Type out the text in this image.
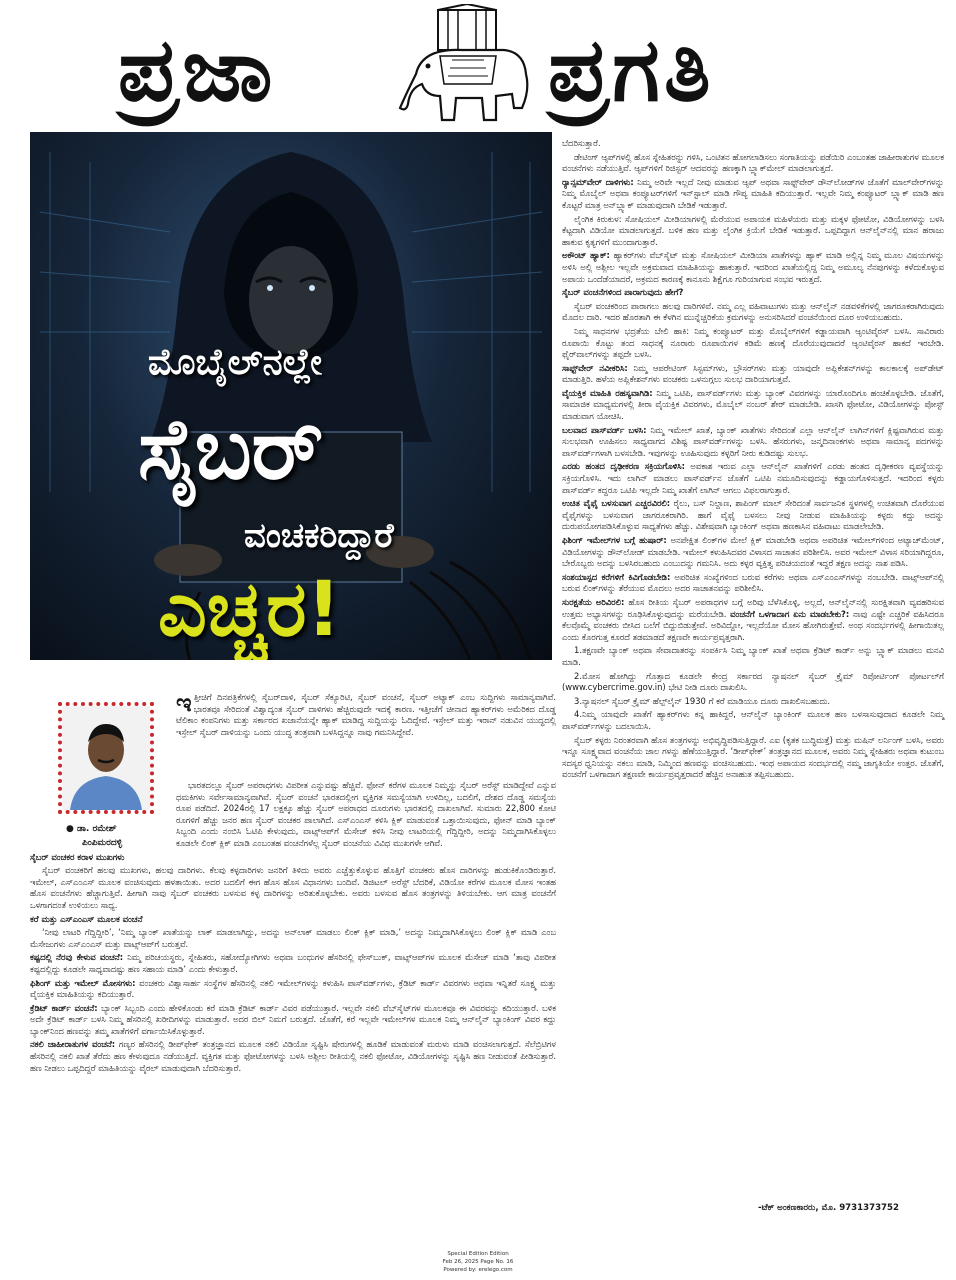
ಪ್ರಜಾ	ಪ್ರಗತಿ
ಮೊಬೈಲ್‌ನಲ್ಲೇ
ಸೈಬರ್
ವಂಚಕರಿದ್ದಾರೆ
ಎಚ್ಚರ!
● ಡಾ. ರಮೇಶ್
ಪಿಂಪಿಮರದಳ್ಳಿ

ಇತ್ತೀಚಿಗೆ ದಿನಪತ್ರಿಕೆಗಳಲ್ಲಿ ಸೈಬರ್‌ದಾಳಿ, ಸೈಬರ್ ಸೆಕ್ಯೂರಿಟಿ, ಸೈಬರ್ ವಂಚನೆ, ಸೈಬರ್ ಅಟ್ಯಾಕ್ ಎಂಬ ಸುದ್ದಿಗಳು ಸಾಮಾನ್ಯವಾಗಿವೆ. ಭಾರತವೂ ಸೇರಿದಂತೆ ವಿಶ್ವಾದ್ಯಂತ ಸೈಬರ್ ದಾಳಿಗಳು ಹೆಚ್ಚಿರುವುದೇ ಇದಕ್ಕೆ ಕಾರಣ. ಇತ್ತೀಚೆಗೆ ಚೀನಾದ ಹ್ಯಾಕರ್‌ಗಳು ಅಮೆರಿಕದ ದೊಡ್ಡ ಟೆಲಿಕಾಂ ಕಂಪನಿಗಳು ಮತ್ತು ಸರ್ಕಾರದ ಖಜಾನೆಯನ್ನೇ ಹ್ಯಾಕ್ ಮಾಡಿದ್ದ ಸುದ್ದಿಯನ್ನು ಓದಿದ್ದೇವೆ. ಇಸ್ರೇಲ್ ಮತ್ತು ಇರಾನ್ ನಡುವಿನ ಯುದ್ಧದಲ್ಲಿ ಇಸ್ರೇಲ್ ಸೈಬರ್ ದಾಳಿಯನ್ನು ಒಂದು ಯುದ್ಧ ತಂತ್ರವಾಗಿ ಬಳಸಿದ್ದನ್ನೂ ನಾವು ಗಮನಿಸಿದ್ದೇವೆ.

ಭಾರತದಲ್ಲೂ ಸೈಬರ್ ಅಪರಾಧಗಳು ವಿಪರೀತ ಎನ್ನುವಷ್ಟು ಹೆಚ್ಚಿವೆ. ಫೋನ್ ಕರೆಗಳ ಮೂಲಕ ನಿಮ್ಮನ್ನು ಸೈಬರ್ ಅರೆಸ್ಟ್ ಮಾಡಿದ್ದೇವೆ ಎನ್ನುವ ಧಮಕಿಗಳು ಸರ್ವೇಸಾಮಾನ್ಯವಾಗಿವೆ. ಸೈಬರ್ ವಂಚನೆ ಭಾರತದಲ್ಲೀಗ ವ್ಯಕ್ತಿಗತ ಸಮಸ್ಯೆಯಾಗಿ ಉಳಿದಿಲ್ಲ, ಬದಲಿಗೆ, ದೇಶದ ದೊಡ್ಡ ಸಮಸ್ಯೆಯ ರೂಪ ಪಡೆದಿದೆ. 2024ರಲ್ಲಿ 17 ಲಕ್ಷಕ್ಕೂ ಹೆಚ್ಚು ಸೈಬರ್ ಅಪರಾಧದ ದೂರುಗಳು ಭಾರತದಲ್ಲಿ ದಾಖಲಾಗಿವೆ. ಸುಮಾರು 22,800 ಕೋಟಿ ರೂಗಳಿಗೆ ಹೆಚ್ಚು ಜನರ ಹಣ ಸೈಬರ್ ವಂಚಕರ ಪಾಲಾಗಿದೆ. ಎಸ್‌ಎಂಎಸ್ ಕಳಿಸಿ ಕ್ಲಿಕ್ ಮಾಡುವಂತೆ ಒತ್ತಾಯಿಸುವುದು, ಫೋನ್ ಮಾಡಿ ಬ್ಯಾಂಕ್ ಸಿಬ್ಬಂದಿ ಎಂದು ನಂಬಿಸಿ ಓಟಿಪಿ ಕೇಳುವುದು, ವಾಟ್ಸ್ಆಪ್‌ಗೆ ಮೆಸೇಜ್ ಕಳಿಸಿ ನೀವು ಲಾಟರಿಯಲ್ಲಿ ಗೆದ್ದಿದ್ದೀರಿ, ಅದನ್ನು ನಿಮ್ಮದಾಗಿಸಿಕೊಳ್ಳಲು ಕೂಡಲೇ ಲಿಂಕ್ ಕ್ಲಿಕ್ ಮಾಡಿ ಎಂಬಂತಹ ವಂಚನೆಗಳೆಲ್ಲ ಸೈಬರ್ ವಂಚನೆಯ ವಿವಿಧ ಮುಖಗಳೇ ಆಗಿವೆ.

ಸೈಬರ್ ವಂಚಕರ ಕರಾಳ ಮುಖಗಳು

ಸೈಬರ್ ವಂಚಕರಿಗೆ ಹಲವು ಮುಖಗಳು, ಹಲವು ದಾರಿಗಳು. ಕೆಲವು ಕಳ್ಳದಾರಿಗಳು ಜನರಿಗೆ ತಿಳಿದು ಅವರು ಎಚ್ಚೆತ್ತುಕೊಳ್ಳುವ ಹೊತ್ತಿಗೆ ವಂಚಕರು ಹೊಸ ದಾರಿಗಳನ್ನು ಹುಡುಕಿಕೊಂಡಿರುತ್ತಾರೆ. ಇಮೇಲ್, ಎಸ್‌ಎಂಎಸ್ ಮೂಲಕ ವಂಚಿಸುವುದು ಹಳತಾಯಿತು. ಅದರ ಬದಲಿಗೆ ಈಗ ಹೊಸ ಹೊಸ ವಿಧಾನಗಳು ಬಂದಿವೆ. ಡಿಜಿಟಲ್ ಅರೆಸ್ಟ್ ಬೆದರಿಕೆ, ವಿಡಿಯೋ ಕರೆಗಳ ಮೂಲಕ ಮೋಸ ಇಂತಹ ಹೊಸ ವಂಚನೆಗಳು ಹೆಚ್ಚಾಗುತ್ತಿವೆ. ಹೀಗಾಗಿ ನಾವು ಸೈಬರ್ ವಂಚಕರು ಬಳಸುವ ಕಳ್ಳ ದಾರಿಗಳನ್ನು ಅರಿತುಕೊಳ್ಳಬೇಕು. ಅವರು ಬಳಸುವ ಹೊಸ ತಂತ್ರಗಳನ್ನು ತಿಳಿಯಬೇಕು. ಆಗ ಮಾತ್ರ ವಂಚನೆಗೆ ಒಳಗಾಗದಂತೆ ಉಳಿಯಲು ಸಾಧ್ಯ.

ಕರೆ ಮತ್ತು ಎಸ್‌ಎಂಎಸ್ ಮೂಲಕ ವಂಚನೆ

‘ನೀವು ಲಾಟರಿ ಗೆದ್ದಿದ್ದೀರಿ’, ‘ನಿಮ್ಮ ಬ್ಯಾಂಕ್ ಖಾತೆಯನ್ನು ಲಾಕ್ ಮಾಡಲಾಗಿದ್ದು, ಅದನ್ನು ಅನ್‌ಲಾಕ್ ಮಾಡಲು ಲಿಂಕ್ ಕ್ಲಿಕ್ ಮಾಡಿ,’ ಅದನ್ನು ನಿಮ್ಮದಾಗಿಸಿಕೊಳ್ಳಲು ಲಿಂಕ್ ಕ್ಲಿಕ್ ಮಾಡಿ ಎಂಬ ಮೆಸೇಜುಗಳು ಎಸ್‌ಎಂಎಸ್ ಮತ್ತು ವಾಟ್ಸ್ಆಪ್‌ಗೆ ಬರುತ್ತವೆ.

ಕಷ್ಟದಲ್ಲಿ ನೆರವು ಕೇಳುವ ವಂಚನೆ: ನಿಮ್ಮ ಪರಿಚಯಸ್ಥರು, ಸ್ನೇಹಿತರು, ಸಹೋದ್ಯೋಗಿಗಳು ಅಥವಾ ಬಂಧುಗಳ ಹೆಸರಿನಲ್ಲಿ ಫೇಸ್‌ಬುಕ್, ವಾಟ್ಸ್ಆಪ್‌ಗಳ ಮೂಲಕ ಮೆಸೇಜ್ ಮಾಡಿ ‘ತಾವು ವಿಪರೀತ ಕಷ್ಟದಲ್ಲಿದ್ದು ಕೂಡಲೇ ಸಾಧ್ಯವಾದಷ್ಟು ಹಣ ಸಹಾಯ ಮಾಡಿ’ ಎಂದು ಕೇಳುತ್ತಾರೆ.

ಫಿಶಿಂಗ್ ಮತ್ತು ಇಮೇಲ್ ಮೋಸಗಳು: ವಂಚಕರು ವಿಶ್ವಾಸಾರ್ಹ ಸಂಸ್ಥೆಗಳ ಹೆಸರಿನಲ್ಲಿ ನಕಲಿ ಇಮೇಲ್‌ಗಳನ್ನು ಕಳುಹಿಸಿ ಪಾಸ್‌ವರ್ಡ್‌ಗಳು, ಕ್ರೆಡಿಟ್ ಕಾರ್ಡ್ ವಿವರಗಳು ಅಥವಾ ಇನ್ನಿತರೆ ಸೂಕ್ಷ್ಮ ಮತ್ತು ವೈಯಕ್ತಿಕ ಮಾಹಿತಿಯನ್ನು ಕದಿಯುತ್ತಾರೆ.

ಕ್ರೆಡಿಟ್ ಕಾರ್ಡ್ ವಂಚನೆ: ಬ್ಯಾಂಕ್ ಸಿಬ್ಬಂದಿ ಎಂದು ಹೇಳಿಕೊಂಡು ಕರೆ ಮಾಡಿ ಕ್ರೆಡಿಟ್ ಕಾರ್ಡ್ ವಿವರ ಪಡೆಯುತ್ತಾರೆ. ಇಲ್ಲವೇ ನಕಲಿ ವೆಬ್‌ಸೈಟ್‌ಗಳ ಮೂಲಕವೂ ಈ ವಿವರವನ್ನು ಕದಿಯುತ್ತಾರೆ. ಬಳಿಕ ಅದೇ ಕ್ರೆಡಿಟ್ ಕಾರ್ಡ್ ಬಳಸಿ ನಿಮ್ಮ ಹೆಸರಿನಲ್ಲಿ ಖರೀದಿಗಳನ್ನು ಮಾಡುತ್ತಾರೆ. ಅದರ ಬಿಲ್ ನಿಮಗೆ ಬರುತ್ತದೆ. ಜೊತೆಗೆ, ಕರೆ ಇಲ್ಲವೇ ಇಮೇಲ್‌ಗಳ ಮೂಲಕ ನಿಮ್ಮ ಆನ್‌ಲೈನ್ ಬ್ಯಾಂಕಿಂಗ್ ವಿವರ ಕದ್ದು ಬ್ಯಾಂಕ್‌ನಿಂದ ಹಣವನ್ನು ತಮ್ಮ ಖಾತೆಗಳಿಗೆ ವರ್ಗಾಯಿಸಿಕೊಳ್ಳುತ್ತಾರೆ.

ನಕಲಿ ಜಾಹೀರಾತುಗಳ ವಂಚನೆ: ಗಣ್ಯರ ಹೆಸರಿನಲ್ಲಿ ಡೀಪ್‌ಫೇಕ್ ತಂತ್ರಜ್ಞಾನದ ಮೂಲಕ ನಕಲಿ ವಿಡಿಯೋ ಸೃಷ್ಟಿಸಿ ಷೇರುಗಳಲ್ಲಿ ಹೂಡಿಕೆ ಮಾಡುವಂತೆ ಮರುಳು ಮಾಡಿ ವಂಚಿಸಲಾಗುತ್ತದೆ. ಸೆಲೆಬ್ರಿಟಿಗಳ ಹೆಸರಿನಲ್ಲಿ ನಕಲಿ ಖಾತೆ ತೆರೆದು ಹಣ ಕೇಳುವುದೂ ನಡೆಯುತ್ತಿದೆ. ವ್ಯಕ್ತಿಗತ ಮತ್ತು ಫೋಟೋಗಳನ್ನು ಬಳಸಿ ಅಶ್ಲೀಲ ರೀತಿಯಲ್ಲಿ ನಕಲಿ ಫೋಟೋ, ವಿಡಿಯೋಗಳನ್ನು ಸೃಷ್ಟಿಸಿ ಹಣ ನೀಡುವಂತೆ ಪೀಡಿಸುತ್ತಾರೆ. ಹಣ ನೀಡಲು ಒಪ್ಪದಿದ್ದರೆ ಮಾಹಿತಿಯನ್ನು ವೈರಲ್ ಮಾಡುವುದಾಗಿ ಬೆದರಿಸುತ್ತಾರೆ.

ಬೆದರಿಸುತ್ತಾರೆ.

ಡೇಟಿಂಗ್ ಆ್ಯಪ್‌ಗಳಲ್ಲಿ ಹೊಸ ಸ್ನೇಹಿತರನ್ನು ಗಳಿಸಿ, ಒಂಟಿತನ ಹೋಗಲಾಡಿಸಲು ಸಂಗಾತಿಯನ್ನು ಪಡೆಯಿರಿ ಎಂಬಂತಹ ಜಾಹೀರಾತುಗಳ ಮೂಲಕ ವಂಚನೆಗಳು ನಡೆಯುತ್ತಿವೆ. ಆ್ಯಪ್‌ಗಳಿಗೆ ರಿಜಿಸ್ಟರ್ ಆದವರನ್ನು ಹಣಕ್ಕಾಗಿ ಬ್ಲ್ಯಾಕ್‌ಮೇಲ್ ಮಾಡಲಾಗುತ್ತದೆ.

ರ್‍ಯಾನ್ಸಮ್‌ವೇರ್ ದಾಳಿಗಳು: ನಿಮ್ಮ ಅರಿವೇ ಇಲ್ಲದೆ ನೀವು ಮಾಡುವ ಆ್ಯಪ್ ಅಥವಾ ಸಾಫ್ಟ್‌ವೇರ್ ಡೌನ್‌ಲೋಡ್‌ಗಳ ಜೊತೆಗೆ ಮಾಲ್‌ವೇರ್‌ಗಳನ್ನು ನಿಮ್ಮ ಮೊಬೈಲ್ ಅಥವಾ ಕಂಪ್ಯೂಟರ್‌ಗಳಿಗೆ ಇನ್‌ಸ್ಟಾಲ್ ಮಾಡಿ ಗೌಪ್ಯ ಮಾಹಿತಿ ಕದಿಯುತ್ತಾರೆ. ಇಲ್ಲವೇ ನಿಮ್ಮ ಕಂಪ್ಯೂಟರ್ ಬ್ಲ್ಯಾಕ್ ಮಾಡಿ ಹಣ ಕೊಟ್ಟರೆ ಮಾತ್ರ ಅನ್‌ಬ್ಲ್ಯಾಕ್ ಮಾಡುವುದಾಗಿ ಬೇಡಿಕೆ ಇಡುತ್ತಾರೆ.

ಲೈಂಗಿಕ ಕಿರುಕುಳ: ಸೋಷಿಯಲ್ ಮೀಡಿಯಾಗಳಲ್ಲಿ ಮೆರೆಯುವ ಅಪಾಯಕ ಮಹಿಳೆಯರು ಮತ್ತು ಮಕ್ಕಳ ಫೋಟೋ, ವಿಡಿಯೋಗಳನ್ನು ಬಳಸಿ ಕೆಟ್ಟದಾಗಿ ವಿಡಿಯೋ ಮಾಡಲಾಗುತ್ತದೆ. ಬಳಿಕ ಹಣ ಮತ್ತು ಲೈಂಗಿಕ ಕ್ರಿಯೆಗೆ ಬೇಡಿಕೆ ಇಡುತ್ತಾರೆ. ಒಪ್ಪದಿದ್ದಾಗ ಆನ್‌ಲೈನ್‌ನಲ್ಲಿ ಮಾನ ಹರಾಜು ಹಾಕುವ ಕೃತ್ಯಗಳಿಗೆ ಮುಂದಾಗುತ್ತಾರೆ.

ಅಕೌಂಟ್ ಹ್ಯಾಕ್: ಹ್ಯಾಕರ್‌ಗಳು ವೆಬ್‌ಸೈಟ್ ಮತ್ತು ಸೋಷಿಯಲ್ ಮೀಡಿಯಾ ಖಾತೆಗಳನ್ನು ಹ್ಯಾಕ್ ಮಾಡಿ ಅಲ್ಲಿನ್ನ ನಿಮ್ಮ ಮೂಲ ವಿಷಯಗಳನ್ನು ಅಳಿಸಿ ಅಲ್ಲಿ ಅಶ್ಲೀಲ ಇಲ್ಲವೇ ಅಕ್ರಮವಾದ ಮಾಹಿತಿಯನ್ನು ಹಾಕುತ್ತಾರೆ. ಇದರಿಂದ ಖಾತೆಯಲ್ಲಿದ್ದ ನಿಮ್ಮ ಅಮೂಲ್ಯ ನೆನಪುಗಳನ್ನು ಕಳೆದುಕೊಳ್ಳುವ ಅಪಾಯ ಒಂದೆಡೆಯಾದರೆ, ಅಕ್ರಮದ ಕಾರಣಕ್ಕೆ ಕಾನೂನು ಶಿಕ್ಷೆಗೂ ಗುರಿಯಾಗುವ ಸಂಭವ ಇರುತ್ತದೆ.

ಸೈಬರ್ ವಂಚನೆಗಳಿಂದ ಪಾರಾಗುವುದು ಹೇಗೆ?

ಸೈಬರ್ ವಂಚಕರಿಂದ ಪಾರಾಗಲು ಹಲವು ದಾರಿಗಳಿವೆ. ನಮ್ಮ ಎಲ್ಲ ವಹಿವಾಟುಗಳು ಮತ್ತು ಆನ್‌ಲೈನ್ ನಡವಳಿಕೆಗಳಲ್ಲಿ ಜಾಗರೂಕರಾಗಿರುವುದು ಮೊದಲ ದಾರಿ. ಇದರ ಹೊರತಾಗಿ ಈ ಕೆಳಗಿನ ಮುನ್ನೆಚ್ಚರಿಕೆಯ ಕ್ರಮಗಳನ್ನು ಅನುಸರಿಸಿದರೆ ವಂಚನೆಯಿಂದ ದೂರ ಉಳಿಯಬಹುದು.

ನಿಮ್ಮ ಸಾಧನಗಳ ಭದ್ರತೆಯ ಬೇಲಿ ಹಾಕಿ: ನಿಮ್ಮ ಕಂಪ್ಯೂಟರ್ ಮತ್ತು ಮೊಬೈಲ್‌ಗಳಿಗೆ ಕಡ್ಡಾಯವಾಗಿ ಆ್ಯಂಟಿವೈರಸ್ ಬಳಸಿ. ಸಾವಿರಾರು ರೂಪಾಯಿ ಕೊಟ್ಟು ತಂದ ಸಾಧನಕ್ಕೆ ನೂರಾರು ರೂಪಾಯಿಗಳ ಕಡಿಮೆ ಹಣಕ್ಕೆ ದೊರೆಯುವುದಾದರೆ ಆ್ಯಂಟಿವೈರಸ್ ಹಾಕದೆ ಇರಬೇಡಿ. ಫೈರ್‌ವಾಲ್‌ಗಳನ್ನು ತಪ್ಪದೇ ಬಳಸಿ.

ಸಾಫ್ಟ್‌ವೇರ್ ನವೀಕರಿಸಿ: ನಿಮ್ಮ ಆಪರೇಟಿಂಗ್ ಸಿಸ್ಟಮ್‌ಗಳು, ಬ್ರೌಸರ್‌ಗಳು ಮತ್ತು ಯಾವುದೇ ಅಪ್ಲಿಕೇಶನ್‌ಗಳನ್ನು ಕಾಲಕಾಲಕ್ಕೆ ಅಪ್‌ಡೇಟ್ ಮಾಡುತ್ತಿರಿ. ಹಳೆಯ ಅಪ್ಲಿಕೇಶನ್‌ಗಳು ವಂಚಕರು ಒಳನುಗ್ಗಲು ಸುಲಭ ದಾರಿಯಾಗುತ್ತವೆ.

ವೈಯಕ್ತಿಕ ಮಾಹಿತಿ ರಹಸ್ಯವಾಗಿಡಿ: ನಿಮ್ಮ ಒಟಿಪಿ, ಪಾಸ್‌ವರ್ಡ್‌ಗಳು ಮತ್ತು ಬ್ಯಾಂಕ್ ವಿವರಗಳನ್ನು ಯಾರೊಂದಿಗೂ ಹಂಚಿಕೊಳ್ಳಬೇಡಿ. ಜೊತೆಗೆ, ಸಾಮಾಜಿಕ ಮಾಧ್ಯಮಗಳಲ್ಲಿ ತೀರಾ ವೈಯಕ್ತಿಕ ವಿವರಗಳು, ಮೊಬೈಲ್ ನಂಬರ್ ಶೇರ್ ಮಾಡಬೇಡಿ. ಖಾಸಗಿ ಫೋಟೋ, ವಿಡಿಯೋಗಳನ್ನು ಪೋಸ್ಟ್ ಮಾಡುವಾಗ ಯೋಚಿಸಿ.

ಬಲವಾದ ಪಾಸ್‌ವರ್ಡ್ ಬಳಸಿ: ನಿಮ್ಮ ಇಮೇಲ್ ಖಾತೆ, ಬ್ಯಾಂಕ್ ಖಾತೆಗಳು ಸೇರಿದಂತೆ ಎಲ್ಲಾ ಆನ್‌ಲೈನ್ ಲಾಗಿನ್‌ಗಳಿಗೆ ಕ್ಲಿಷ್ಟವಾಗಿರುವ ಮತ್ತು ಸುಲಭವಾಗಿ ಊಹಿಸಲು ಸಾಧ್ಯವಾಗದ ವಿಶಿಷ್ಟ ಪಾಸ್‌ವರ್ಡ್‌ಗಳನ್ನು ಬಳಸಿ. ಹೆಸರುಗಳು, ಜನ್ಮದಿನಾಂಕಗಳು ಅಥವಾ ಸಾಮಾನ್ಯ ಪದಗಳನ್ನು ಪಾಸ್‌ವರ್ಡ್‌ಗಳಾಗಿ ಬಳಸಬೇಡಿ. ಇವುಗಳನ್ನು ಊಹಿಸುವುದು ಕಳ್ಳರಿಗೆ ನೀರು ಕುಡಿದಷ್ಟು ಸುಲಭ.

ಎರಡು ಹಂತದ ದೃಢೀಕರಣ ಸಕ್ರಿಯಗೊಳಿಸಿ: ಅವಕಾಶ ಇರುವ ಎಲ್ಲಾ ಆನ್‌ಲೈನ್ ಖಾತೆಗಳಿಗೆ ಎರಡು ಹಂತದ ದೃಢೀಕರಣ ವ್ಯವಸ್ಥೆಯನ್ನು ಸಕ್ರಿಯಗೊಳಿಸಿ. ಇದು ಲಾಗಿನ್ ಮಾಡಲು ಪಾಸ್‌ವರ್ಡ್‌ನ ಜೊತೆಗೆ ಒಟಿಪಿ ನಮೂದಿಸುವುದನ್ನು ಕಡ್ಡಾಯಗೊಳಿಸುತ್ತದೆ. ಇದರಿಂದ ಕಳ್ಳರು ಪಾಸ್‌ವರ್ಡ್ ಕದ್ದರೂ ಒಟಿಪಿ ಇಲ್ಲದೇ ನಿಮ್ಮ ಖಾತೆಗೆ ಲಾಗಿನ್ ಆಗಲು ವಿಫಲರಾಗುತ್ತಾರೆ.

ಉಚಿತ ವೈಫೈ ಬಳಸುವಾಗ ಎಚ್ಚರವಿರಲಿ: ರೈಲು, ಬಸ್ ನಿಲ್ದಾಣ, ಶಾಪಿಂಗ್ ಮಾಲ್ ಸೇರಿದಂತೆ ಸಾರ್ವಜನಿಕ ಸ್ಥಳಗಳಲ್ಲಿ ಉಚಿತವಾಗಿ ದೊರೆಯುವ ವೈಫೈಗಳನ್ನು ಬಳಸುವಾಗ ಜಾಗರೂಕರಾಗಿರಿ. ಹಾಗೆ ವೈಫೈ ಬಳಸಲು ನೀವು ನೀಡುವ ಮಾಹಿತಿಯನ್ನು ಕಳ್ಳರು ಕದ್ದು ಅದನ್ನು ದುರುಪಯೋಗಪಡಿಸಿಕೊಳ್ಳುವ ಸಾಧ್ಯತೆಗಳು ಹೆಚ್ಚು. ವಿಶೇಷವಾಗಿ ಬ್ಯಾಂಕಿಂಗ್ ಅಥವಾ ಹಣಕಾಸಿನ ವಹಿವಾಟು ಮಾಡಲೇಬೇಡಿ.

ಫಿಶಿಂಗ್ ಇಮೇಲ್‌ಗಳ ಬಗ್ಗೆ ಹುಷಾರ್: ಅನಪೇಕ್ಷಿತ ಲಿಂಕ್‌ಗಳ ಮೇಲೆ ಕ್ಲಿಕ್ ಮಾಡಬೇಡಿ ಅಥವಾ ಅಪರಿಚಿತ ಇಮೇಲ್‌ಗಳಿಂದ ಅಟ್ಯಾಚ್‌ಮೆಂಟ್, ವಿಡಿಯೋಗಳನ್ನು ಡೌನ್‌ಲೋಡ್ ಮಾಡಬೇಡಿ. ಇಮೇಲ್ ಕಳುಹಿಸಿದವರ ವಿಳಾಸದ ಸಾಚಾತನ ಪರಿಶೀಲಿಸಿ. ಅವರ ಇಮೇಲ್ ವಿಳಾಸ ಸರಿಯಾಗಿದ್ದರೂ, ಬೇರೊಬ್ಬರು ಅದನ್ನು ಬಳಸಿರಬಹುದು ಎಂಬುದನ್ನು ಗಮನಿಸಿ. ಅದು ಕಳ್ಳರ ವ್ಯಕ್ತಿತ್ವ ಪರಿಚಯದಂತೆ ಇದ್ದರೆ ತಕ್ಷಣ ಅದನ್ನು ನಾಶ ಪಡಿಸಿ.

ಸಂಶಯಾಸ್ಪದ ಕರೆಗಳಿಗೆ ಕಿವಿಗೊಡಬೇಡಿ: ಅಪರಿಚಿತ ಸಂಖ್ಯೆಗಳಿಂದ ಬರುವ ಕರೆಗಳು ಅಥವಾ ಎಸ್‌ಎಂಎಸ್‌ಗಳನ್ನು ನಂಬಬೇಡಿ. ವಾಟ್ಸ್ಆಪ್‌ನಲ್ಲಿ ಬರುವ ಲಿಂಕ್‌ಗಳನ್ನು ತೆರೆಯುವ ಮೊದಲು ಅದರ ಸಾಚಾತನವನ್ನು ಪರಿಶೀಲಿಸಿ.

ಸುರಕ್ಷತೆಯ ಅರಿವಿರಲಿ: ಹೊಸ ರೀತಿಯ ಸೈಬರ್ ಅಪರಾಧಗಳ ಬಗ್ಗೆ ಅರಿವು ಬೆಳೆಸಿಕೊಳ್ಳಿ, ಅಲ್ಲದೆ, ಆನ್‌ಲೈನ್‌ನಲ್ಲಿ ಸುರಕ್ಷಿತವಾಗಿ ವ್ಯವಹರಿಸುವ ಉತ್ತಮ ಅಭ್ಯಾಸಗಳನ್ನು ರೂಢಿಸಿಕೊಳ್ಳುವುದನ್ನು ಮರೆಯಬೇಡಿ. ವಂಚನೆಗೆ ಒಳಗಾದಾಗ ಏನು ಮಾಡಬೇಕು?: ನಾವು ಎಷ್ಟೇ ಎಚ್ಚರಿಕೆ ವಹಿಸಿದರೂ ಕೆಲವೊಮ್ಮೆ ವಂಚಕರು ಬೀಸಿದ ಬಲೆಗೆ ಬಿದ್ದುಬಿಡುತ್ತೇವೆ. ಅರಿವಿದ್ದೋ, ಇಲ್ಲದೆಯೋ ಮೋಸ ಹೋಗಿರುತ್ತೇವೆ. ಅಂಥ ಸಂದರ್ಭಗಳಲ್ಲಿ ಹೀಗಾಯಿತಲ್ಲ ಎಂದು ಕೊರಗುತ್ತ ಕೂರದೆ ತಡಮಾಡದೆ ತಕ್ಷಣವೇ ಕಾರ್ಯಪ್ರವೃತ್ತರಾಗಿ.

1.ತಕ್ಷಣವೇ ಬ್ಯಾಂಕ್ ಅಥವಾ ಸೇವಾದಾತರನ್ನು ಸಂಪರ್ಕಿಸಿ ನಿಮ್ಮ ಬ್ಯಾಂಕ್ ಖಾತೆ ಅಥವಾ ಕ್ರೆಡಿಟ್ ಕಾರ್ಡ್ ಅನ್ನು ಬ್ಲ್ಯಾಕ್ ಮಾಡಲು ಮನವಿ ಮಾಡಿ.

2.ಮೋಸ ಹೋಗಿದ್ದು ಗೊತ್ತಾದ ಕೂಡಲೇ ಕೇಂದ್ರ ಸರ್ಕಾರದ ನ್ಯಾಷನಲ್ ಸೈಬರ್ ಕ್ರೈಮ್ ರಿಪೋರ್ಟಿಂಗ್ ಪೋರ್ಟಲ್‌ಗೆ (www.cybercrime.gov.in) ಭೇಟಿ ನೀಡಿ ದೂರು ದಾಖಲಿಸಿ.

3.ನ್ಯಾಷನಲ್ ಸೈಬರ್ ಕ್ರೈಮ್ ಹೆಲ್ಪ್‌ಲೈನ್ 1930 ಗೆ ಕರೆ ಮಾಡಿಯೂ ದೂರು ದಾಖಲಿಸಬಹುದು.

4.ನಿಮ್ಮ ಯಾವುದೇ ಖಾತೆಗೆ ಹ್ಯಾಕರ್‌ಗಳು ಕನ್ನ ಹಾಕಿದ್ದರೆ, ಆನ್‌ಲೈನ್ ಬ್ಯಾಂಕಿಂಗ್ ಮೂಲಕ ಹಣ ಬಳಸಾಸುವುದಾದ ಕೂಡಲೇ ನಿಮ್ಮ ಪಾಸ್‌ವರ್ಡ್‌ಗಳನ್ನು ಬದಲಾಯಿಸಿ.

ಸೈಬರ್ ಕಳ್ಳರು ನಿರಂತರವಾಗಿ ಹೊಸ ತಂತ್ರಗಳನ್ನು ಅಭಿವೃದ್ಧಿಪಡಿಸುತ್ತಿದ್ದಾರೆ. ಎಐ (ಕೃತಕ ಬುದ್ಧಿಮತ್ತೆ) ಮತ್ತು ಮಷಿನ್ ಲರ್ನಿಂಗ್ ಬಳಸಿ, ಅವರು ಇನ್ನೂ ಸೂಕ್ಷ್ಮವಾದ ವಂಚನೆಯ ಜಾಲ ಗಳನ್ನು ಹೆಣೆಯುತ್ತಿದ್ದಾರೆ. ‘ಡೀಪ್‌ಫೇಕ್’ ತಂತ್ರಜ್ಞಾನದ ಮೂಲಕ, ಅವರು ನಿಮ್ಮ ಸ್ನೇಹಿತರು ಅಥವಾ ಕುಟುಂಬ ಸದಸ್ಯರ ಧ್ವನಿಯನ್ನು ನಕಲು ಮಾಡಿ, ನಿಮ್ಮಿಂದ ಹಣವನ್ನು ವಂಚಿಸಬಹುದು. ಇಂಥ ಅಪಾಯದ ಸಂದರ್ಭದಲ್ಲಿ ನಮ್ಮ ಜಾಗೃತಿಯೇ ಉತ್ತರ. ಜೊತೆಗೆ, ವಂಚನೆಗೆ ಒಳಗಾದಾಗ ತಕ್ಷಣವೇ ಕಾರ್ಯಪ್ರವೃತ್ತರಾದರೆ ಹೆಚ್ಚಿನ ಅನಾಹುತ ತಪ್ಪಿಸಬಹುದು.

-ಟೆಕ್ ಅಂಕಣಕಾರರು, ಮೊ. 9731373752
Special Edition Edition
Feb 26, 2025 Page No. 16
Powered by: erelego.com
